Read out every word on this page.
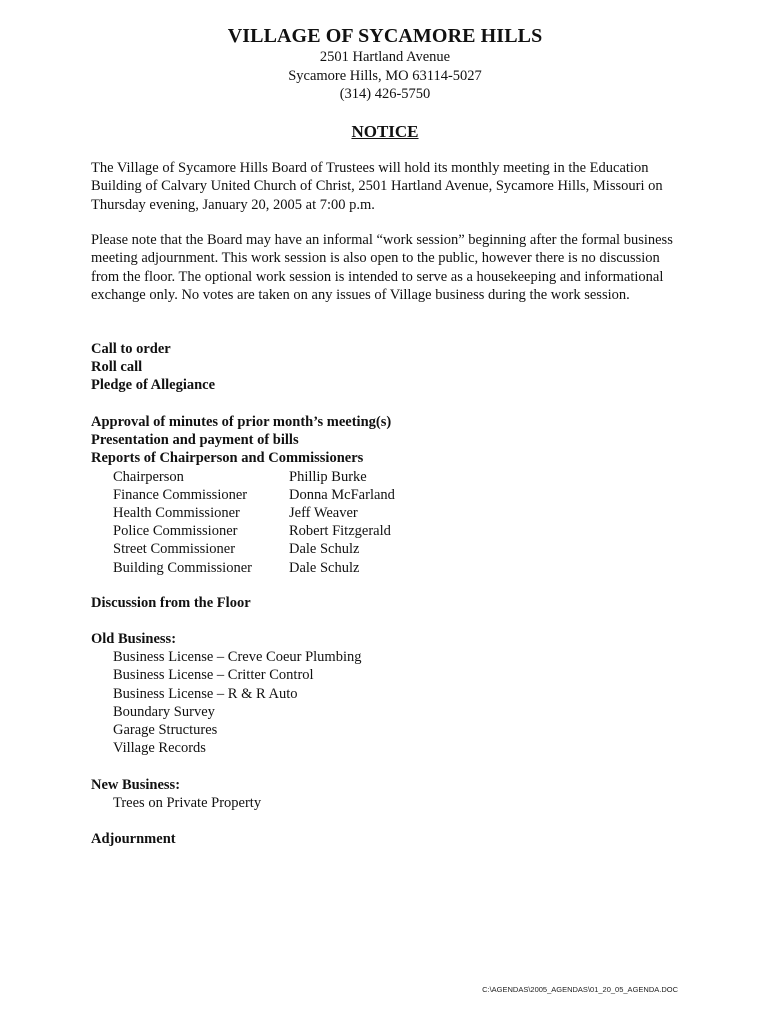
VILLAGE OF SYCAMORE HILLS
2501 Hartland Avenue
Sycamore Hills, MO 63114-5027
(314) 426-5750
NOTICE
The Village of Sycamore Hills Board of Trustees will hold its monthly meeting in the Education Building of Calvary United Church of Christ, 2501 Hartland Avenue, Sycamore Hills, Missouri on Thursday evening, January 20, 2005 at 7:00 p.m.
Please note that the Board may have an informal “work session” beginning after the formal business meeting adjournment. This work session is also open to the public, however there is no discussion from the floor. The optional work session is intended to serve as a housekeeping and informational exchange only. No votes are taken on any issues of Village business during the work session.
Call to order
Roll call
Pledge of Allegiance
Approval of minutes of prior month’s meeting(s)
Presentation and payment of bills
Reports of Chairperson and Commissioners
Chairperson	Phillip Burke
Finance Commissioner	Donna McFarland
Health Commissioner	Jeff Weaver
Police Commissioner	Robert Fitzgerald
Street Commissioner	Dale Schulz
Building Commissioner	Dale Schulz
Discussion from the Floor
Old Business:
Business License – Creve Coeur Plumbing
Business License – Critter Control
Business License – R & R Auto
Boundary Survey
Garage Structures
Village Records
New Business:
Trees on Private Property
Adjournment
C:\AGENDAS\2005_AGENDAS\01_20_05_AGENDA.DOC
